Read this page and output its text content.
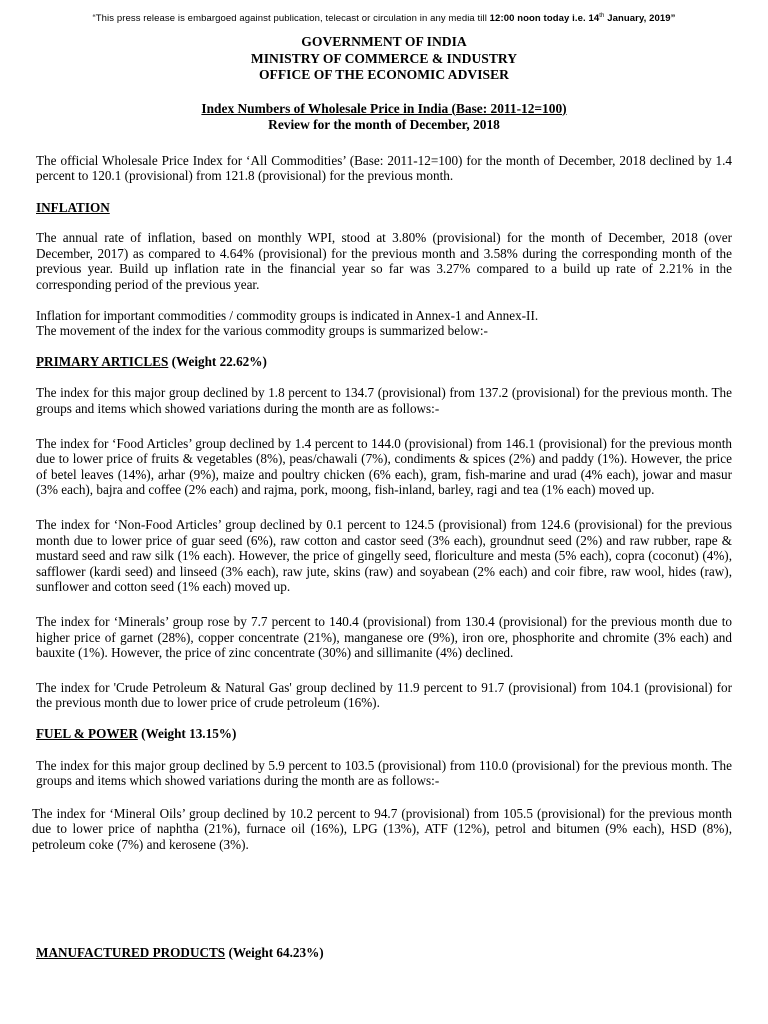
“This press release is embargoed against publication, telecast or circulation in any media till 12:00 noon today i.e. 14th January, 2019”
GOVERNMENT OF INDIA
MINISTRY OF COMMERCE & INDUSTRY
OFFICE OF THE ECONOMIC ADVISER
Index Numbers of Wholesale Price in India (Base: 2011-12=100)
Review for the month of December, 2018

The official Wholesale Price Index for ‘All Commodities’ (Base: 2011-12=100) for the month of December, 2018 declined by 1.4 percent to 120.1 (provisional) from 121.8 (provisional) for the previous month.

INFLATION

The annual rate of inflation, based on monthly WPI, stood at 3.80% (provisional) for the month of December, 2018 (over December, 2017) as compared to 4.64% (provisional) for the previous month and 3.58% during the corresponding month of the previous year. Build up inflation rate in the financial year so far was 3.27% compared to a build up rate of 2.21% in the corresponding period of the previous year.

Inflation for important commodities / commodity groups is indicated in Annex-1 and Annex-II.

The movement of the index for the various commodity groups is summarized below:-

PRIMARY ARTICLES (Weight 22.62%)

The index for this major group declined by 1.8 percent to 134.7 (provisional) from 137.2 (provisional) for the previous month. The groups and items which showed variations during the month are as follows:-

The index for ‘Food Articles’ group declined by 1.4 percent to 144.0 (provisional) from 146.1 (provisional) for the previous month due to lower price of fruits & vegetables (8%), peas/chawali (7%), condiments & spices (2%) and paddy (1%). However, the price of betel leaves (14%), arhar (9%), maize and poultry chicken (6% each), gram, fish-marine and urad (4% each), jowar and masur (3% each), bajra and coffee (2% each) and rajma, pork, moong, fish-inland, barley, ragi and tea (1% each) moved up.

The index for ‘Non-Food Articles’ group declined by 0.1 percent to 124.5 (provisional) from 124.6 (provisional) for the previous month due to lower price of guar seed (6%), raw cotton and castor seed (3% each), groundnut seed (2%) and raw rubber, rape & mustard seed and raw silk (1% each). However, the price of gingelly seed, floriculture and mesta (5% each), copra (coconut) (4%), safflower (kardi seed) and linseed (3% each), raw jute, skins (raw) and soyabean (2% each) and coir fibre, raw wool, hides (raw), sunflower and cotton seed (1% each) moved up.

The index for ‘Minerals’ group rose by 7.7 percent to 140.4 (provisional) from 130.4 (provisional) for the previous month due to higher price of garnet (28%), copper concentrate (21%), manganese ore (9%), iron ore, phosphorite and chromite (3% each) and bauxite (1%). However, the price of zinc concentrate (30%) and sillimanite (4%) declined.

The index for 'Crude Petroleum & Natural Gas' group declined by 11.9 percent to 91.7 (provisional) from 104.1 (provisional) for the previous month due to lower price of crude petroleum (16%).

FUEL & POWER (Weight 13.15%)

The index for this major group declined by 5.9 percent to 103.5 (provisional) from 110.0 (provisional) for the previous month. The groups and items which showed variations during the month are as follows:-

The index for ‘Mineral Oils’ group declined by 10.2 percent to 94.7 (provisional) from 105.5 (provisional) for the previous month due to lower price of naphtha (21%), furnace oil (16%), LPG (13%), ATF (12%), petrol and bitumen (9% each), HSD (8%), petroleum coke (7%) and kerosene (3%).

MANUFACTURED PRODUCTS (Weight 64.23%)
